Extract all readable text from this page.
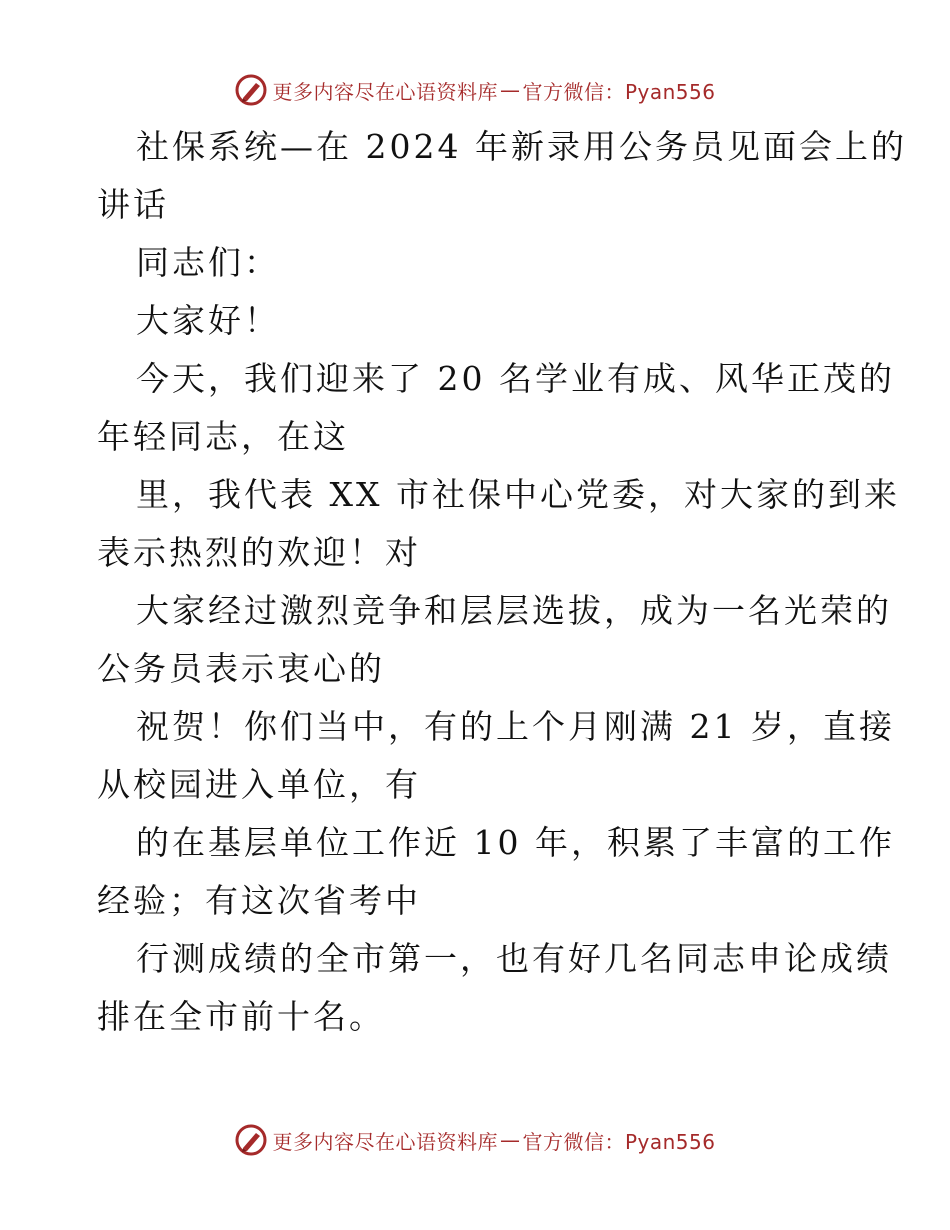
更多内容尽在心语资料库 — 官方微信：Pyan556
社保系统—在 2024 年新录用公务员见面会上的
讲话
同志们：
大家好！
今天，我们迎来了 20 名学业有成、风华正茂的
年轻同志，在这
里，我代表 XX 市社保中心党委，对大家的到来
表示热烈的欢迎！对
大家经过激烈竞争和层层选拔，成为一名光荣的
公务员表示衷心的
祝贺！你们当中，有的上个月刚满 21 岁，直接
从校园进入单位，有
的在基层单位工作近 10 年，积累了丰富的工作
经验；有这次省考中
行测成绩的全市第一，也有好几名同志申论成绩
排在全市前十名。
更多内容尽在心语资料库 — 官方微信：Pyan556
